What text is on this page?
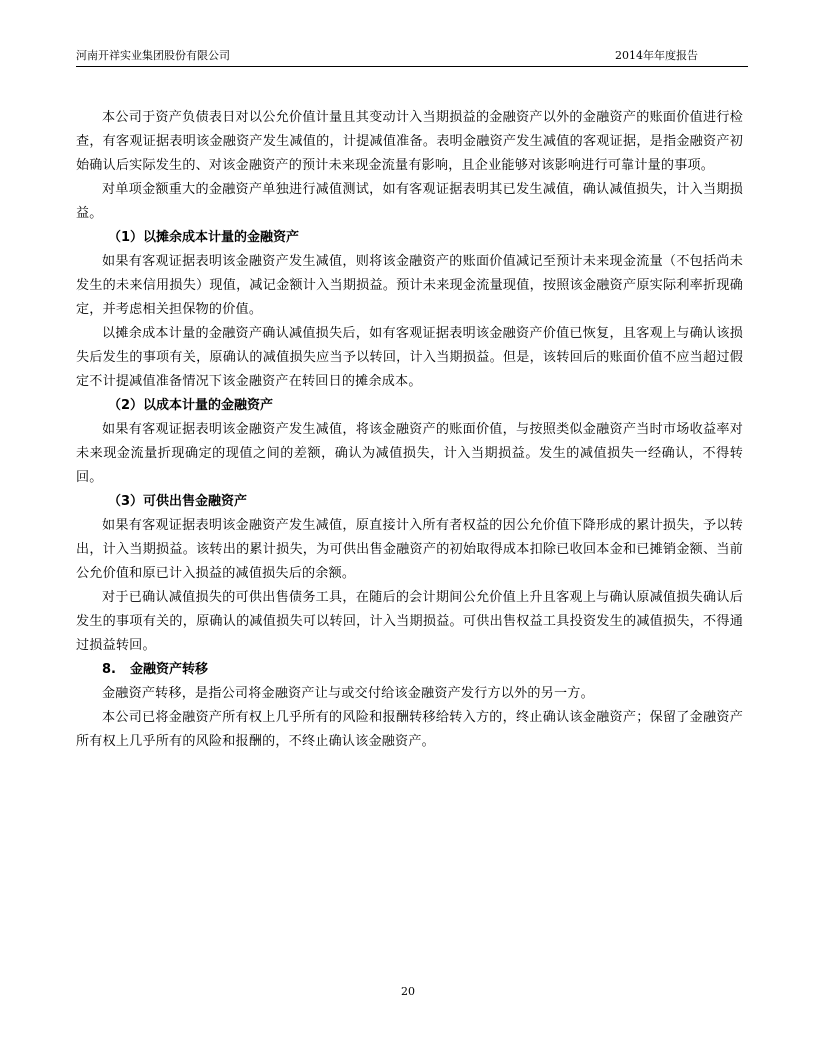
河南开祥实业集团股份有限公司	2014年年度报告

本公司于资产负债表日对以公允价值计量且其变动计入当期损益的金融资产以外的金融资产的账面价值进行检查，有客观证据表明该金融资产发生减值的，计提减值准备。表明金融资产发生减值的客观证据，是指金融资产初始确认后实际发生的、对该金融资产的预计未来现金流量有影响，且企业能够对该影响进行可靠计量的事项。

对单项金额重大的金融资产单独进行减值测试，如有客观证据表明其已发生减值，确认减值损失，计入当期损益。

（1）以摊余成本计量的金融资产

如果有客观证据表明该金融资产发生减值，则将该金融资产的账面价值减记至预计未来现金流量（不包括尚未发生的未来信用损失）现值，减记金额计入当期损益。预计未来现金流量现值，按照该金融资产原实际利率折现确定，并考虑相关担保物的价值。

以摊余成本计量的金融资产确认减值损失后，如有客观证据表明该金融资产价值已恢复，且客观上与确认该损失后发生的事项有关，原确认的减值损失应当予以转回，计入当期损益。但是，该转回后的账面价值不应当超过假定不计提减值准备情况下该金融资产在转回日的摊余成本。

（2）以成本计量的金融资产

如果有客观证据表明该金融资产发生减值，将该金融资产的账面价值，与按照类似金融资产当时市场收益率对未来现金流量折现确定的现值之间的差额，确认为减值损失，计入当期损益。发生的减值损失一经确认，不得转回。

（3）可供出售金融资产

如果有客观证据表明该金融资产发生减值，原直接计入所有者权益的因公允价值下降形成的累计损失，予以转出，计入当期损益。该转出的累计损失，为可供出售金融资产的初始取得成本扣除已收回本金和已摊销金额、当前公允价值和原已计入损益的减值损失后的余额。

对于已确认减值损失的可供出售债务工具，在随后的会计期间公允价值上升且客观上与确认原减值损失确认后发生的事项有关的，原确认的减值损失可以转回，计入当期损益。可供出售权益工具投资发生的减值损失，不得通过损益转回。

8. 金融资产转移

金融资产转移，是指公司将金融资产让与或交付给该金融资产发行方以外的另一方。

本公司已将金融资产所有权上几乎所有的风险和报酬转移给转入方的，终止确认该金融资产；保留了金融资产所有权上几乎所有的风险和报酬的，不终止确认该金融资产。

20
